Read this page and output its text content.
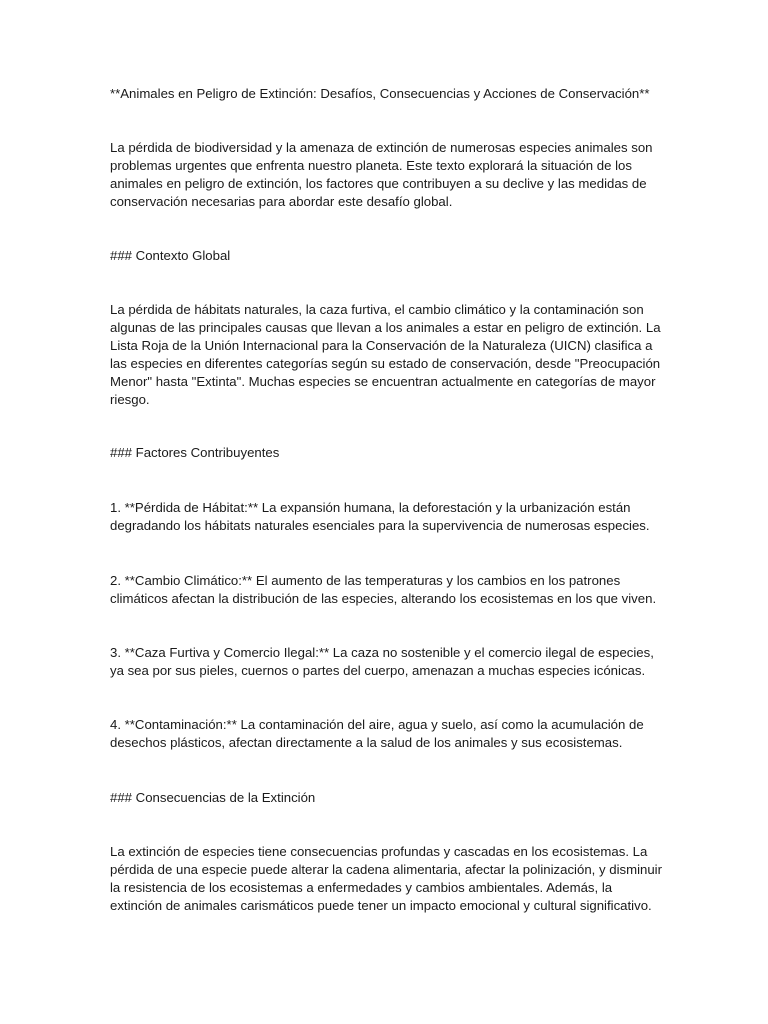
**Animales en Peligro de Extinción: Desafíos, Consecuencias y Acciones de Conservación**

La pérdida de biodiversidad y la amenaza de extinción de numerosas especies animales son problemas urgentes que enfrenta nuestro planeta. Este texto explorará la situación de los animales en peligro de extinción, los factores que contribuyen a su declive y las medidas de conservación necesarias para abordar este desafío global.

### Contexto Global

La pérdida de hábitats naturales, la caza furtiva, el cambio climático y la contaminación son algunas de las principales causas que llevan a los animales a estar en peligro de extinción. La Lista Roja de la Unión Internacional para la Conservación de la Naturaleza (UICN) clasifica a las especies en diferentes categorías según su estado de conservación, desde "Preocupación Menor" hasta "Extinta". Muchas especies se encuentran actualmente en categorías de mayor riesgo.

### Factores Contribuyentes

1. **Pérdida de Hábitat:** La expansión humana, la deforestación y la urbanización están degradando los hábitats naturales esenciales para la supervivencia de numerosas especies.

2. **Cambio Climático:** El aumento de las temperaturas y los cambios en los patrones climáticos afectan la distribución de las especies, alterando los ecosistemas en los que viven.

3. **Caza Furtiva y Comercio Ilegal:** La caza no sostenible y el comercio ilegal de especies, ya sea por sus pieles, cuernos o partes del cuerpo, amenazan a muchas especies icónicas.

4. **Contaminación:** La contaminación del aire, agua y suelo, así como la acumulación de desechos plásticos, afectan directamente a la salud de los animales y sus ecosistemas.

### Consecuencias de la Extinción

La extinción de especies tiene consecuencias profundas y cascadas en los ecosistemas. La pérdida de una especie puede alterar la cadena alimentaria, afectar la polinización, y disminuir la resistencia de los ecosistemas a enfermedades y cambios ambientales. Además, la extinción de animales carismáticos puede tener un impacto emocional y cultural significativo.
